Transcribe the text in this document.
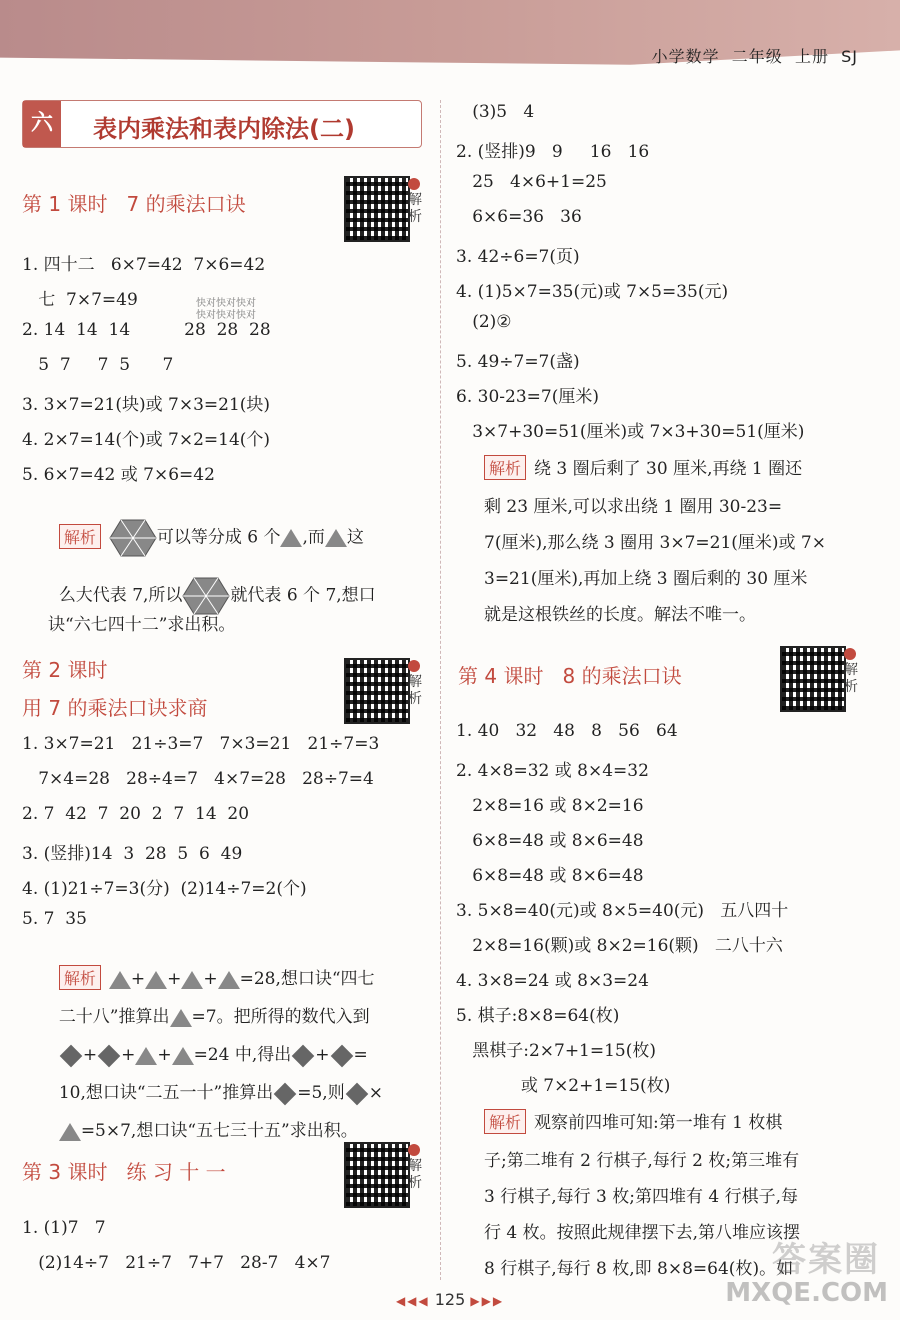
小学数学  二年级  上册  SJ
六	表内乘法和表内除法(二)
第 1 课时   7 的乘法口诀	解析
快对快对快对
快对快对快对
1. 四十二   6×7=42  7×6=42
七  7×7=49
2. 14  14  14          28  28  28
5  7     7  5      7
3. 3×7=21(块)或 7×3=21(块)
4. 2×7=14(个)或 7×2=14(个)
5. 6×7=42 或 7×6=42

解析	可以等分成 6 个 ,而 这

么大代表 7,所以	就代表 6 个 7,想口

诀“六七四十二”求出积。
第 2 课时
用 7 的乘法口诀求商
解析
1. 3×7=21   21÷3=7   7×3=21   21÷7=3
7×4=28   28÷4=7   4×7=28   28÷7=4
2. 7  42  7  20  2  7  14  20
3. (竖排)14  3  28  5  6  49
4. (1)21÷7=3(分)  (2)14÷7=2(个)
5. 7  35

解析 + + + =28,想口诀“四七

二十八”推算出 =7。把所得的数代入到

+ + + =24 中,得出 + =

10,想口诀“二五一十”推算出 =5,则 ×

=5×7,想口诀“五七三十五”求出积。

第 3 课时   练 习 十 一	解析
1. (1)7   7
(2)14÷7   21÷7   7+7   28-7   4×7
(3)5   4
2. (竖排)9   9     16   16
25   4×6+1=25
6×6=36   36
3. 42÷6=7(页)
4. (1)5×7=35(元)或 7×5=35(元)
(2)②
5. 49÷7=7(盏)
6. 30-23=7(厘米)
3×7+30=51(厘米)或 7×3+30=51(厘米)
解析 绕 3 圈后剩了 30 厘米,再绕 1 圈还
剩 23 厘米,可以求出绕 1 圈用 30-23=
7(厘米),那么绕 3 圈用 3×7=21(厘米)或 7×
3=21(厘米),再加上绕 3 圈后剩的 30 厘米
就是这根铁丝的长度。解法不唯一。
第 4 课时   8 的乘法口诀	解析
1. 40   32   48   8   56   64
2. 4×8=32 或 8×4=32
2×8=16 或 8×2=16
6×8=48 或 8×6=48
6×8=48 或 8×6=48
3. 5×8=40(元)或 8×5=40(元)   五八四十
2×8=16(颗)或 8×2=16(颗)   二八十六
4. 3×8=24 或 8×3=24
5. 棋子:8×8=64(枚)
黑棋子:2×7+1=15(枚)
或 7×2+1=15(枚)
解析 观察前四堆可知:第一堆有 1 枚棋
子;第二堆有 2 行棋子,每行 2 枚;第三堆有
3 行棋子,每行 3 枚;第四堆有 4 行棋子,每
行 4 枚。按照此规律摆下去,第八堆应该摆
8 行棋子,每行 8 枚,即 8×8=64(枚)。如
答案圈
MXQE.COM
◀◀◀ 125 ▶▶▶
